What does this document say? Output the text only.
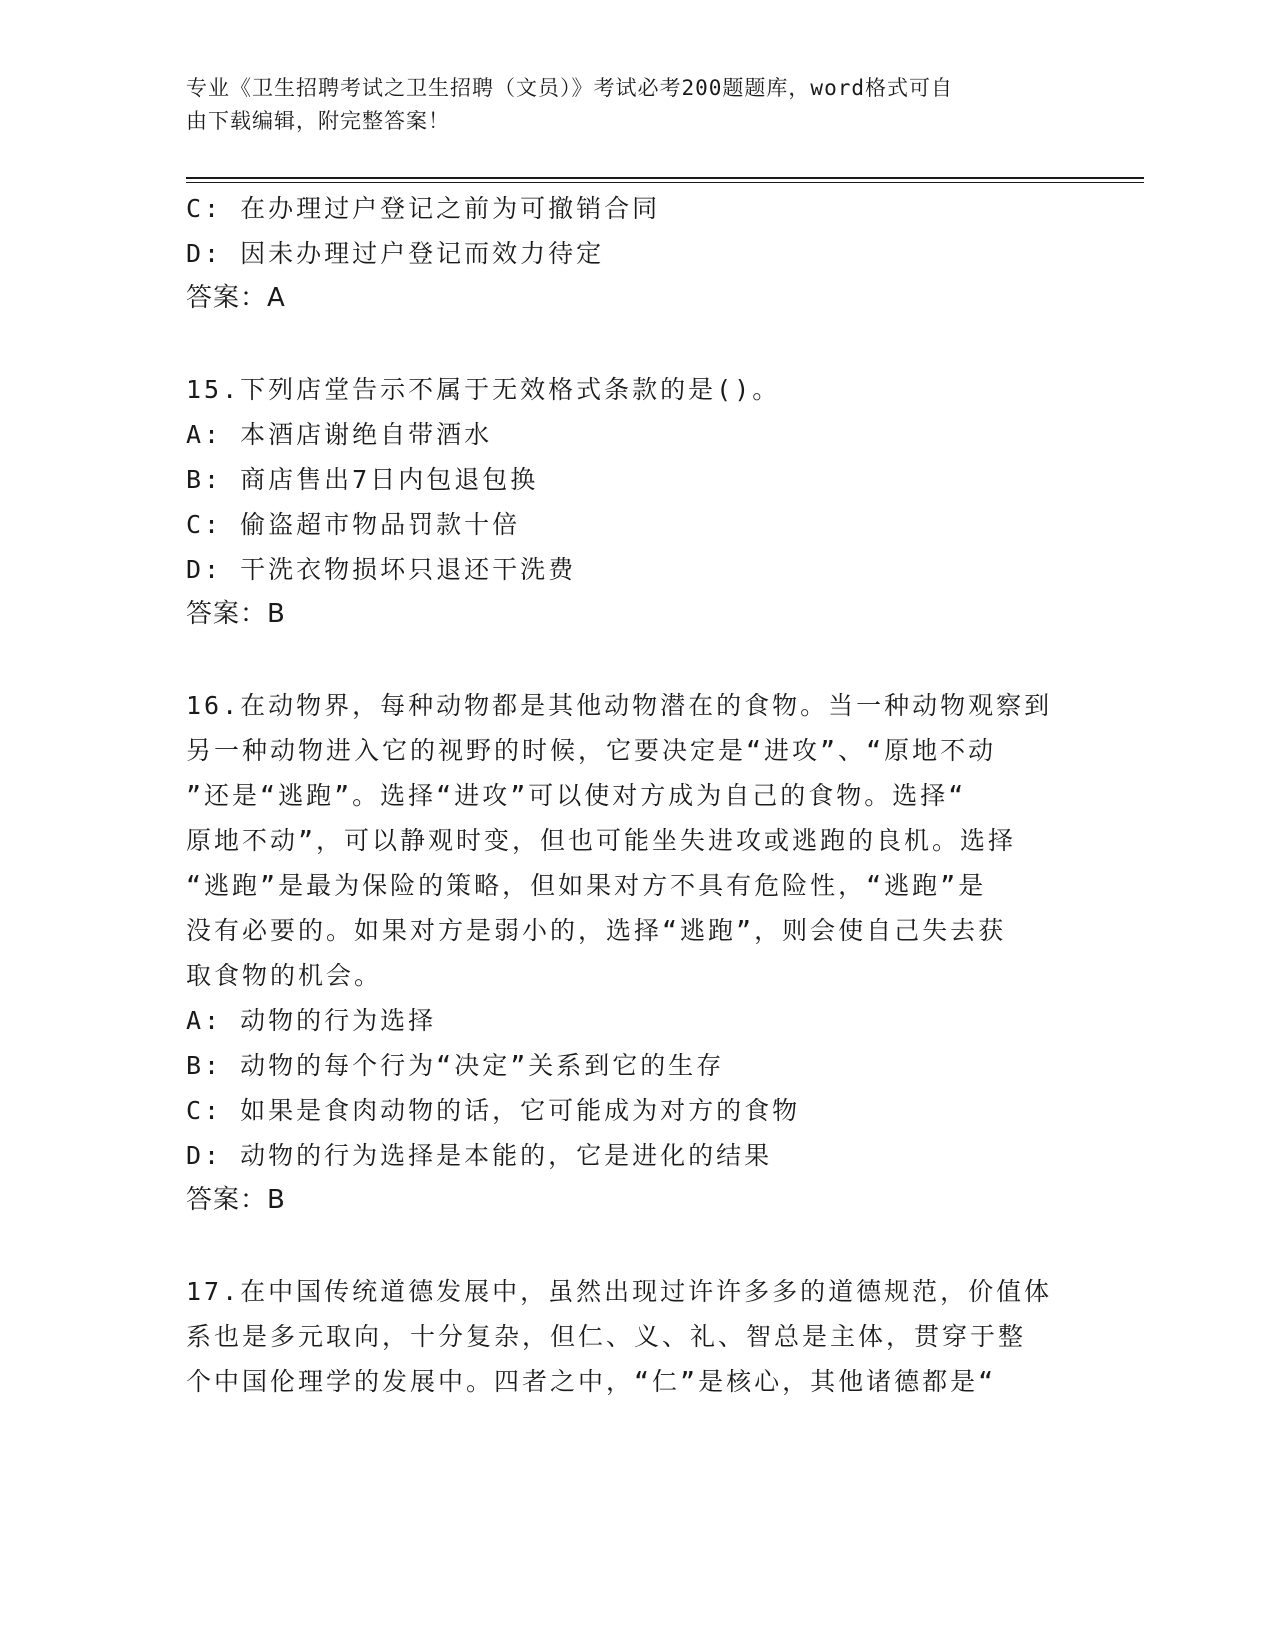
专业《卫生招聘考试之卫生招聘（文员）》考试必考200题题库，word格式可自
由下载编辑，附完整答案！
C: 在办理过户登记之前为可撤销合同
D: 因未办理过户登记而效力待定
答案：A
15.下列店堂告示不属于无效格式条款的是()。
A: 本酒店谢绝自带酒水
B: 商店售出7日内包退包换
C: 偷盗超市物品罚款十倍
D: 干洗衣物损坏只退还干洗费
答案：B
16.在动物界，每种动物都是其他动物潜在的食物。当一种动物观察到
另一种动物进入它的视野的时候，它要决定是“进攻”、“原地不动
”还是“逃跑”。选择“进攻”可以使对方成为自己的食物。选择“
原地不动”，可以静观时变，但也可能坐失进攻或逃跑的良机。选择
“逃跑”是最为保险的策略，但如果对方不具有危险性，“逃跑”是
没有必要的。如果对方是弱小的，选择“逃跑”，则会使自己失去获
取食物的机会。
A: 动物的行为选择
B: 动物的每个行为“决定”关系到它的生存
C: 如果是食肉动物的话，它可能成为对方的食物
D: 动物的行为选择是本能的，它是进化的结果
答案：B
17.在中国传统道德发展中，虽然出现过许许多多的道德规范，价值体
系也是多元取向，十分复杂，但仁、义、礼、智总是主体，贯穿于整
个中国伦理学的发展中。四者之中，“仁”是核心，其他诸德都是“
